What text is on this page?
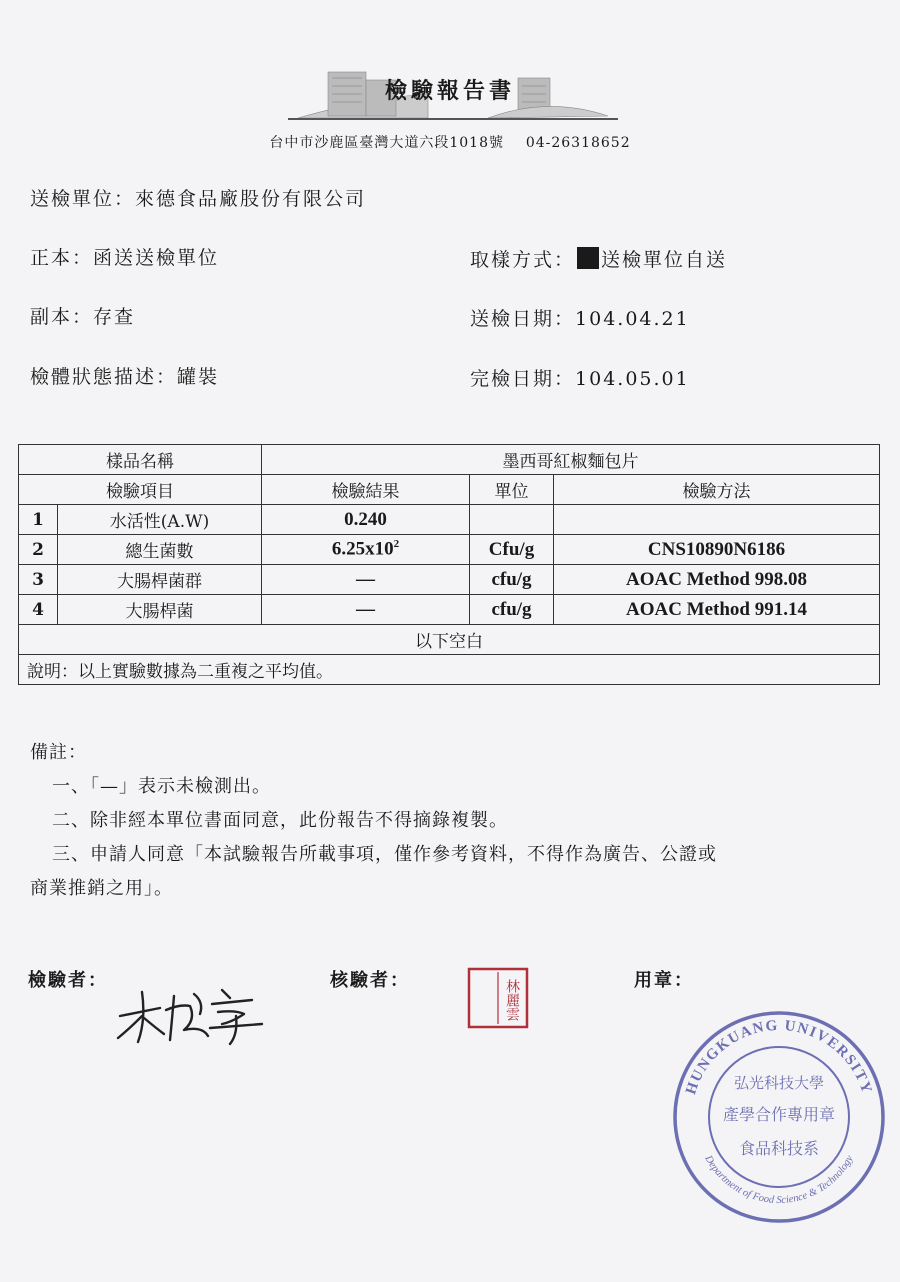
檢驗報告書
台中市沙鹿區臺灣大道六段1018號 04-26318652
送檢單位：來德食品廠股份有限公司
正本：函送送檢單位
副本：存查
檢體狀態描述：罐裝
取樣方式： 送檢單位自送
送檢日期：104.04.21
完檢日期：104.05.01
樣品名稱		墨西哥紅椒麵包片		
檢驗項目		檢驗結果	單位	檢驗方法
1	水活性(A.W)	0.240		
2	總生菌數	$6.25x10^2$	Cfu/g	CNS10890N6186
3	大腸桿菌群	—	cfu/g	AOAC Method 998.08
4	大腸桿菌	—	cfu/g	AOAC Method 991.14
以下空白				
說明：以上實驗數據為二重複之平均值。				

備註：

一、「—」表示未檢測出。

二、除非經本單位書面同意，此份報告不得摘錄複製。

三、申請人同意「本試驗報告所載事項，僅作參考資料，不得作為廣告、公證或

商業推銷之用」。

檢驗者：	核驗者：	用章：
林麗雲
HUNGKUANG UNIVERSITY
Department of Food Science & Technology
弘光科技大學
產學合作專用章
食品科技系
